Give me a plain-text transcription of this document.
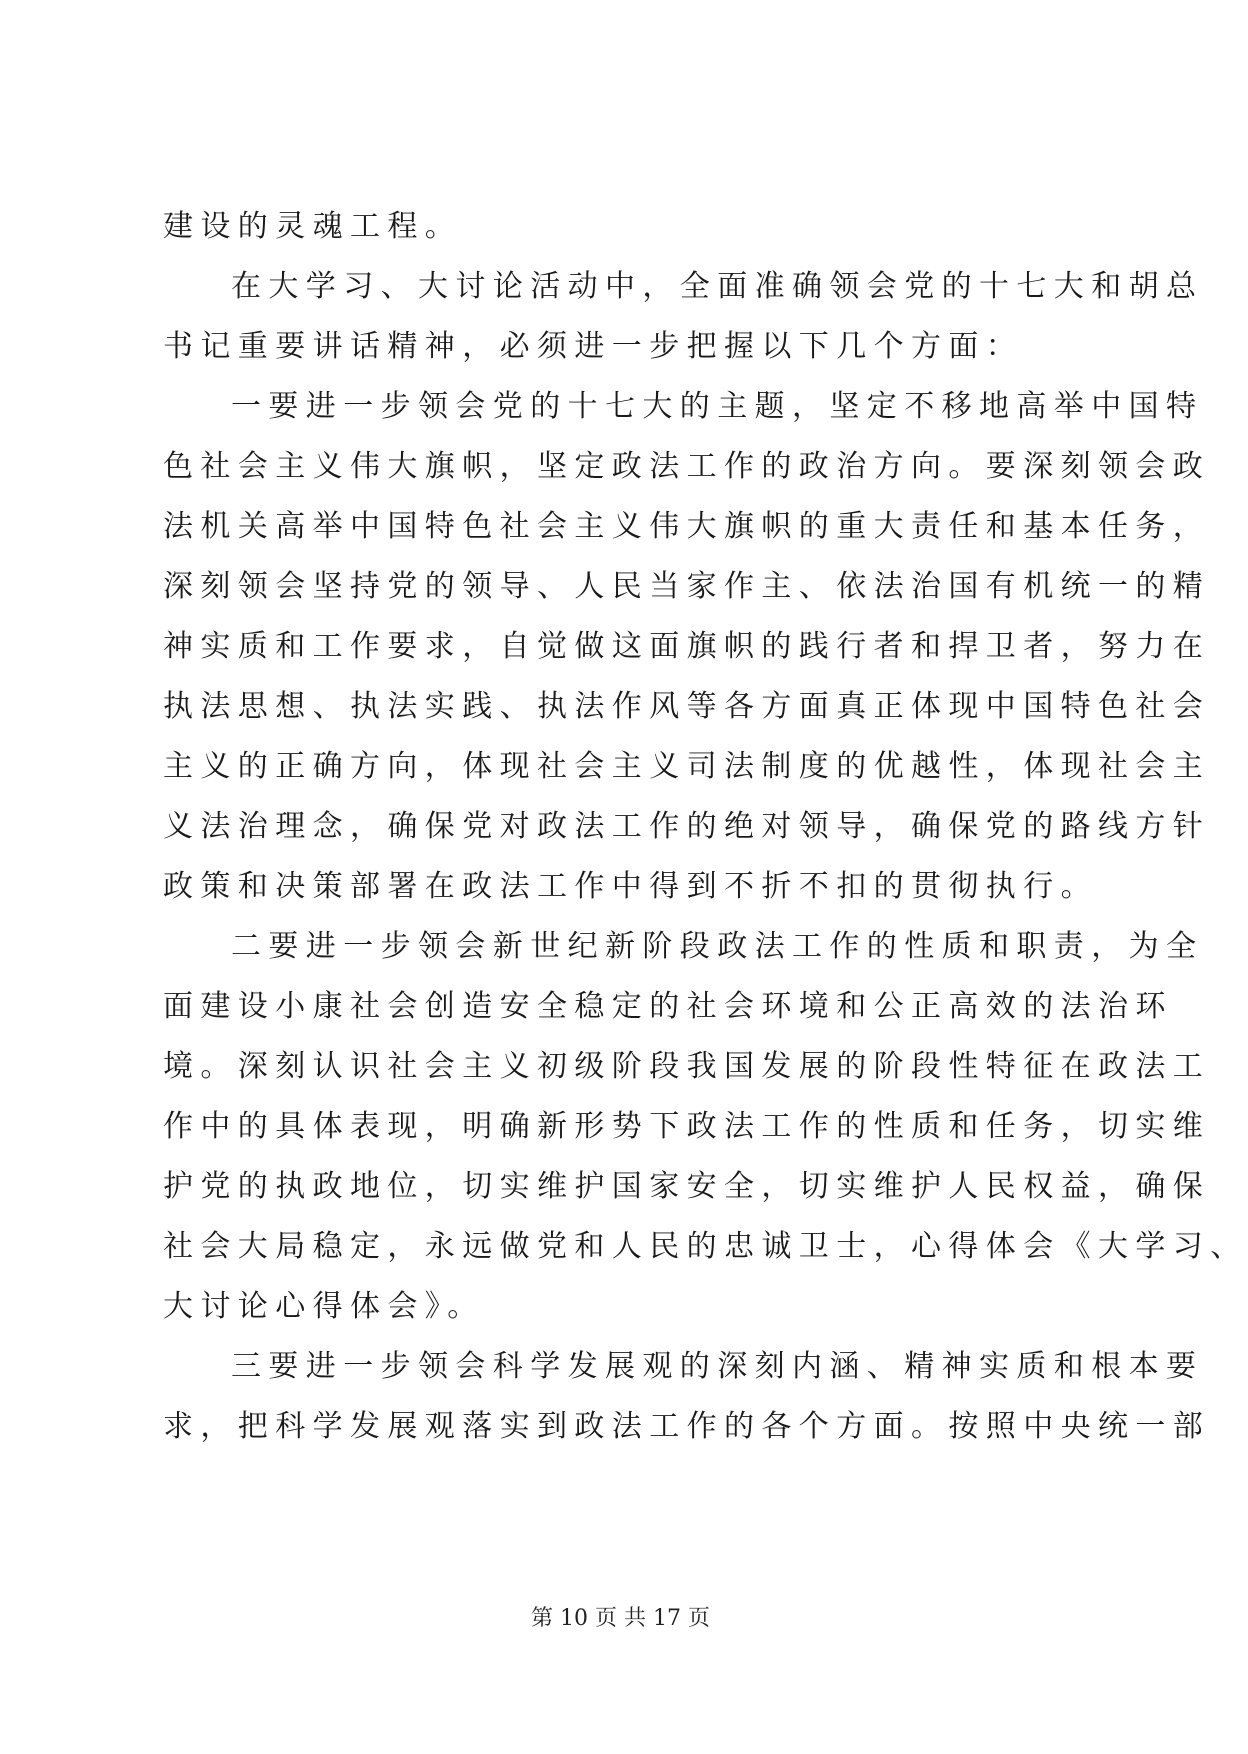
建设的灵魂工程。
在大学习、大讨论活动中，全面准确领会党的十七大和胡总
书记重要讲话精神，必须进一步把握以下几个方面：
一要进一步领会党的十七大的主题，坚定不移地高举中国特
色社会主义伟大旗帜，坚定政法工作的政治方向。要深刻领会政
法机关高举中国特色社会主义伟大旗帜的重大责任和基本任务，
深刻领会坚持党的领导、人民当家作主、依法治国有机统一的精
神实质和工作要求，自觉做这面旗帜的践行者和捍卫者，努力在
执法思想、执法实践、执法作风等各方面真正体现中国特色社会
主义的正确方向，体现社会主义司法制度的优越性，体现社会主
义法治理念，确保党对政法工作的绝对领导，确保党的路线方针
政策和决策部署在政法工作中得到不折不扣的贯彻执行。
二要进一步领会新世纪新阶段政法工作的性质和职责，为全
面建设小康社会创造安全稳定的社会环境和公正高效的法治环
境。深刻认识社会主义初级阶段我国发展的阶段性特征在政法工
作中的具体表现，明确新形势下政法工作的性质和任务，切实维
护党的执政地位，切实维护国家安全，切实维护人民权益，确保
社会大局稳定，永远做党和人民的忠诚卫士，心得体会《大学习、
大讨论心得体会》。
三要进一步领会科学发展观的深刻内涵、精神实质和根本要
求，把科学发展观落实到政法工作的各个方面。按照中央统一部
第 10 页 共 17 页
